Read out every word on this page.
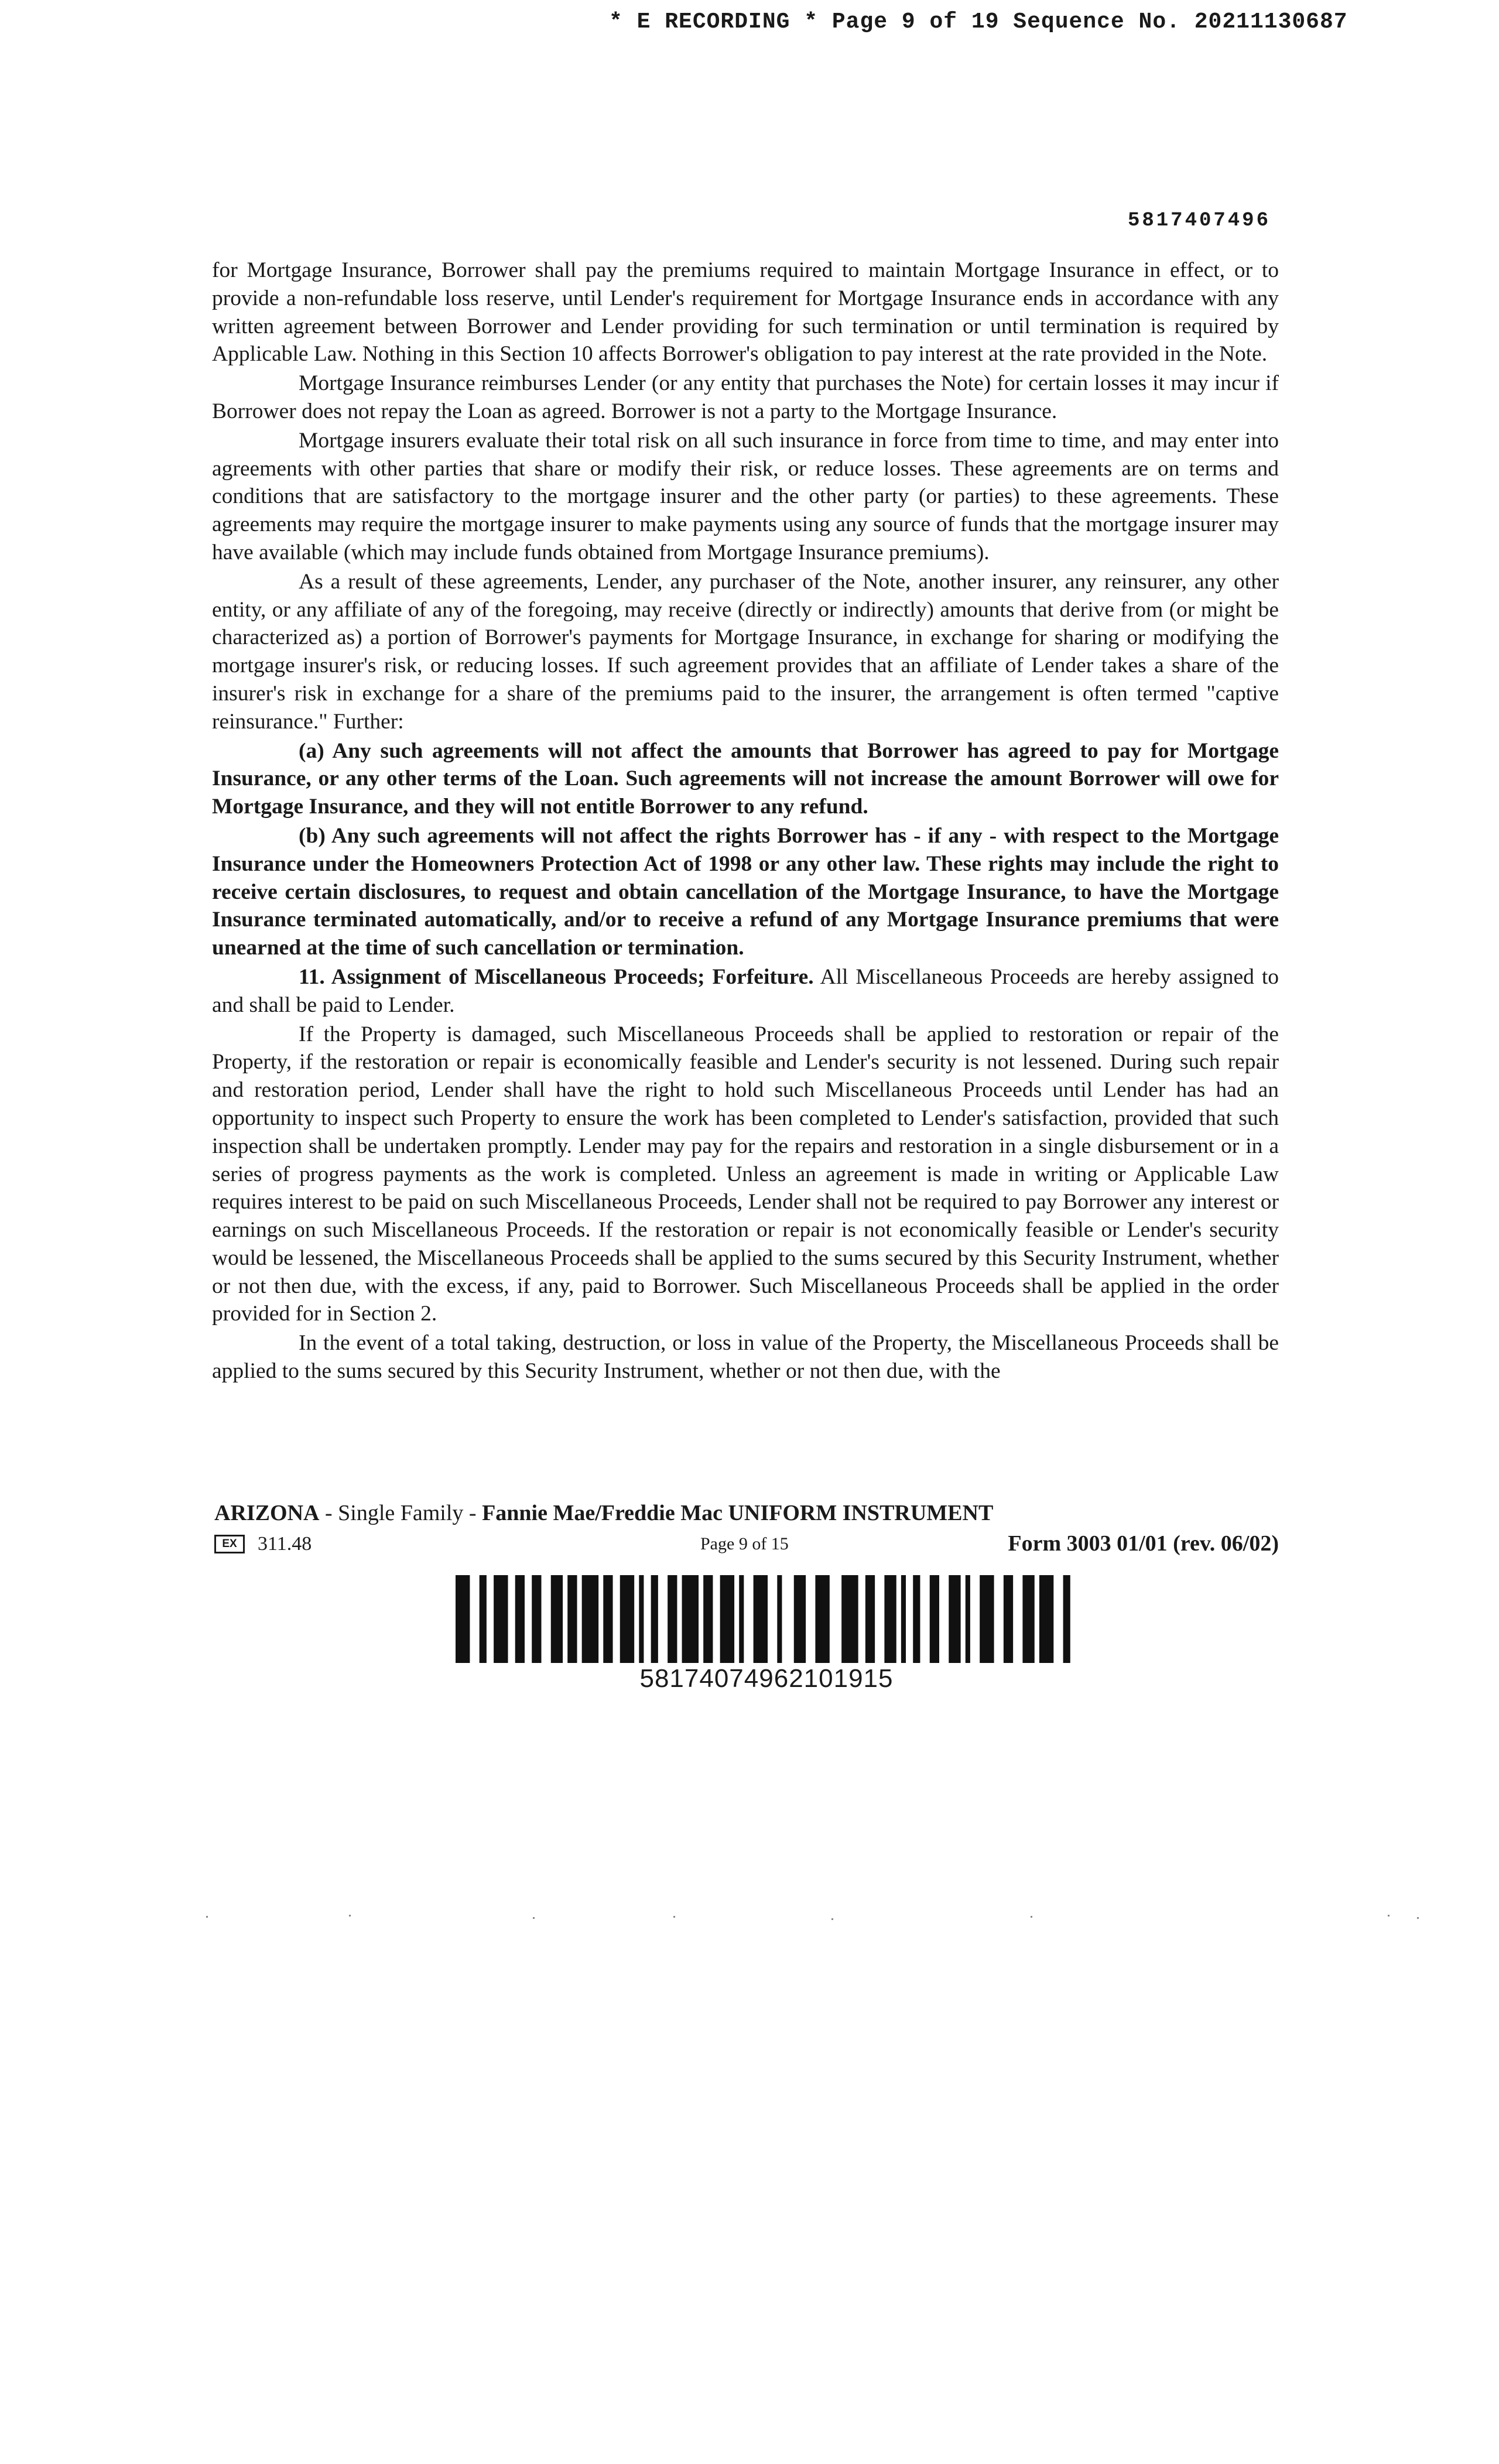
* E RECORDING * Page 9 of 19 Sequence No. 20211130687
5817407496

for Mortgage Insurance, Borrower shall pay the premiums required to maintain Mortgage Insurance in effect, or to provide a non-refundable loss reserve, until Lender's requirement for Mortgage Insurance ends in accordance with any written agreement between Borrower and Lender providing for such termination or until termination is required by Applicable Law. Nothing in this Section 10 affects Borrower's obligation to pay interest at the rate provided in the Note.

Mortgage Insurance reimburses Lender (or any entity that purchases the Note) for certain losses it may incur if Borrower does not repay the Loan as agreed. Borrower is not a party to the Mortgage Insurance.

Mortgage insurers evaluate their total risk on all such insurance in force from time to time, and may enter into agreements with other parties that share or modify their risk, or reduce losses. These agreements are on terms and conditions that are satisfactory to the mortgage insurer and the other party (or parties) to these agreements. These agreements may require the mortgage insurer to make payments using any source of funds that the mortgage insurer may have available (which may include funds obtained from Mortgage Insurance premiums).

As a result of these agreements, Lender, any purchaser of the Note, another insurer, any reinsurer, any other entity, or any affiliate of any of the foregoing, may receive (directly or indirectly) amounts that derive from (or might be characterized as) a portion of Borrower's payments for Mortgage Insurance, in exchange for sharing or modifying the mortgage insurer's risk, or reducing losses. If such agreement provides that an affiliate of Lender takes a share of the insurer's risk in exchange for a share of the premiums paid to the insurer, the arrangement is often termed "captive reinsurance." Further:

(a) Any such agreements will not affect the amounts that Borrower has agreed to pay for Mortgage Insurance, or any other terms of the Loan. Such agreements will not increase the amount Borrower will owe for Mortgage Insurance, and they will not entitle Borrower to any refund.

(b) Any such agreements will not affect the rights Borrower has - if any - with respect to the Mortgage Insurance under the Homeowners Protection Act of 1998 or any other law. These rights may include the right to receive certain disclosures, to request and obtain cancellation of the Mortgage Insurance, to have the Mortgage Insurance terminated automatically, and/or to receive a refund of any Mortgage Insurance premiums that were unearned at the time of such cancellation or termination.

11. Assignment of Miscellaneous Proceeds; Forfeiture. All Miscellaneous Proceeds are hereby assigned to and shall be paid to Lender.

If the Property is damaged, such Miscellaneous Proceeds shall be applied to restoration or repair of the Property, if the restoration or repair is economically feasible and Lender's security is not lessened. During such repair and restoration period, Lender shall have the right to hold such Miscellaneous Proceeds until Lender has had an opportunity to inspect such Property to ensure the work has been completed to Lender's satisfaction, provided that such inspection shall be undertaken promptly. Lender may pay for the repairs and restoration in a single disbursement or in a series of progress payments as the work is completed. Unless an agreement is made in writing or Applicable Law requires interest to be paid on such Miscellaneous Proceeds, Lender shall not be required to pay Borrower any interest or earnings on such Miscellaneous Proceeds. If the restoration or repair is not economically feasible or Lender's security would be lessened, the Miscellaneous Proceeds shall be applied to the sums secured by this Security Instrument, whether or not then due, with the excess, if any, paid to Borrower. Such Miscellaneous Proceeds shall be applied in the order provided for in Section 2.

In the event of a total taking, destruction, or loss in value of the Property, the Miscellaneous Proceeds shall be applied to the sums secured by this Security Instrument, whether or not then due, with the

ARIZONA - Single Family - Fannie Mae/Freddie Mac UNIFORM INSTRUMENT
EX	311.48	Page 9 of 15	Form 3003 01/01 (rev. 06/02)
58174074962101915
